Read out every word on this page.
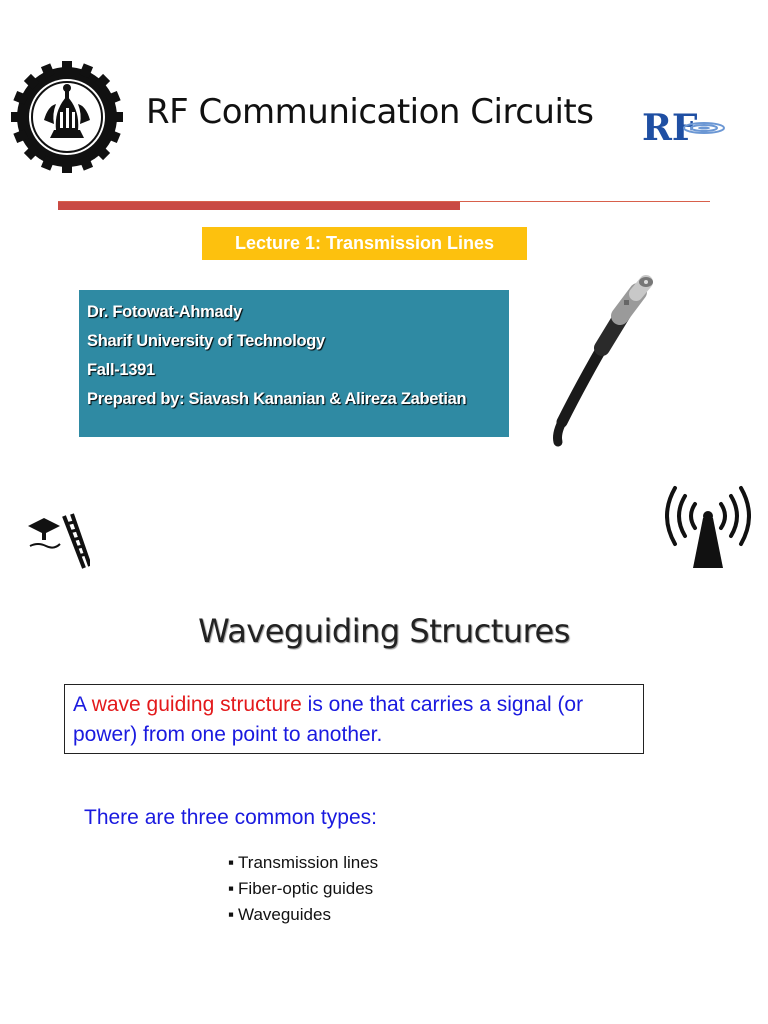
RF Communication Circuits RF
Lecture 1: Transmission Lines
Dr. Fotowat-Ahmady
Sharif University of Technology
Fall-1391
Prepared by: Siavash Kananian & Alireza Zabetian
Waveguiding Structures
A wave guiding structure is one that carries a signal (or power) from one point to another.
There are three common types:
▪ Transmission lines
▪ Fiber-optic guides
▪ Waveguides
